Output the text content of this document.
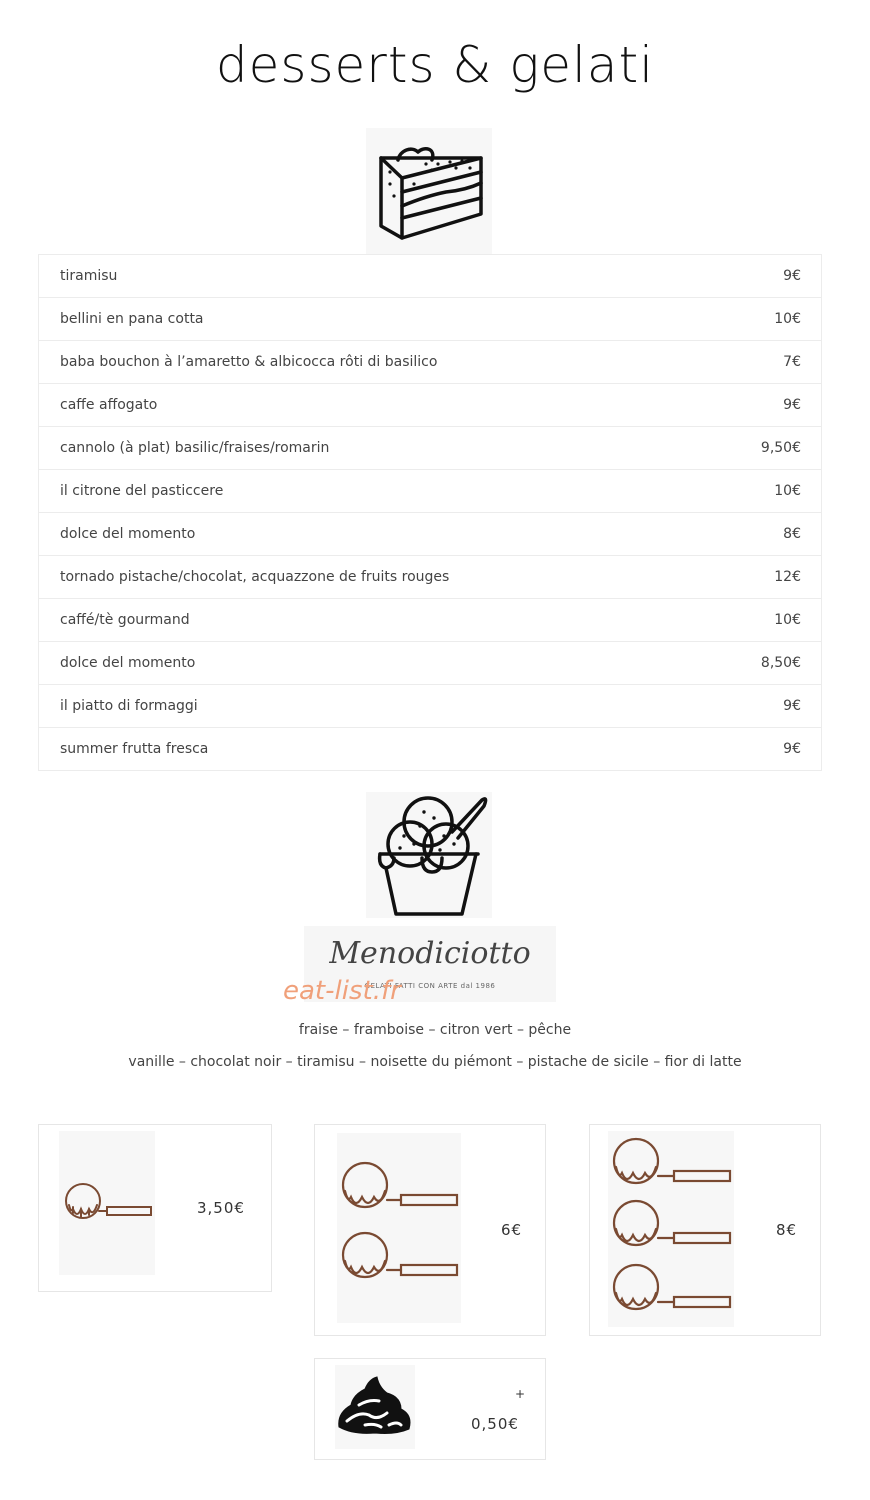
desserts & gelati
tiramisu	9€
bellini en pana cotta	10€
baba bouchon à l’amaretto & albicocca rôti di basilico	7€
caffe affogato	9€
cannolo (à plat) basilic/fraises/romarin	9,50€
il citrone del pasticcere	10€
dolce del momento	8€
tornado pistache/chocolat, acquazzone de fruits rouges	12€
caffé/tè gourmand	10€
dolce del momento	8,50€
il piatto di formaggi	9€
summer frutta fresca	9€
Menodiciotto
GELATI FATTI CON ARTE dal 1986
eat-list.fr
fraise – framboise – citron vert – pêche
vanille – chocolat noir – tiramisu – noisette du piémont – pistache de sicile – fior di latte
3,50€
6€	8€
+
0,50€
